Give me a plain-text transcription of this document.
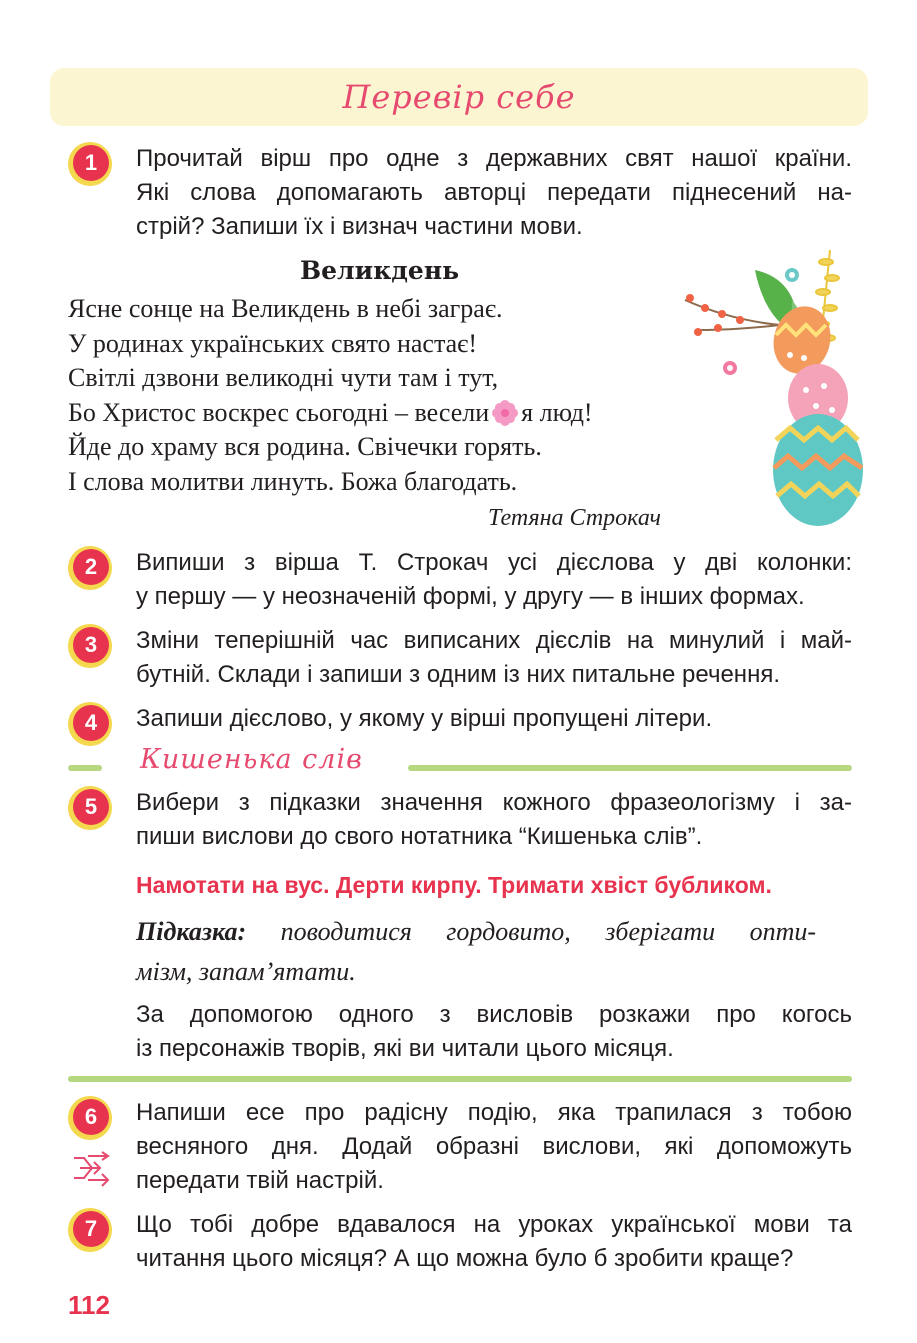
Перевір себе
1	Прочитай вірш про одне з державних свят нашої країни.
Які слова допомагають авторці передати піднесений на-
стрій? Запиши їх і визнач частини мови.
Великдень
Ясне сонце на Великдень в небі заграє.
У родинах українських свято настає!
Світлі дзвони великодні чути там і тут,
Бо Христос воскрес сьогодні – весели я люд!
Йде до храму вся родина. Свічечки горять.
І слова молитви линуть. Божа благодать.
Тетяна Строкач
2	Випиши з вірша Т. Строкач усі дієслова у дві колонки:
у першу — у неозначеній формі, у другу — в інших формах.
3	Зміни теперішній час виписаних дієслів на минулий і май-
бутній. Склади і запиши з одним із них питальне речення.
4	Запиши дієслово, у якому у вірші пропущені літери.
Кишенька слів
5	Вибери з підказки значення кожного фразеологізму і за-
пиши вислови до свого нотатника “Кишенька слів”.
Намотати на вус. Дерти кирпу. Тримати хвіст бубликом.
Підказка: поводитися гордовито, зберігати опти-
мізм, запам’ятати.
За допомогою одного з висловів розкажи про когось
із персонажів творів, які ви читали цього місяця.
6	Напиши есе про радісну подію, яка трапилася з тобою
весняного дня. Додай образні вислови, які допоможуть
передати твій настрій.
7	Що тобі добре вдавалося на уроках української мови та
читання цього місяця? А що можна було б зробити краще?
112
